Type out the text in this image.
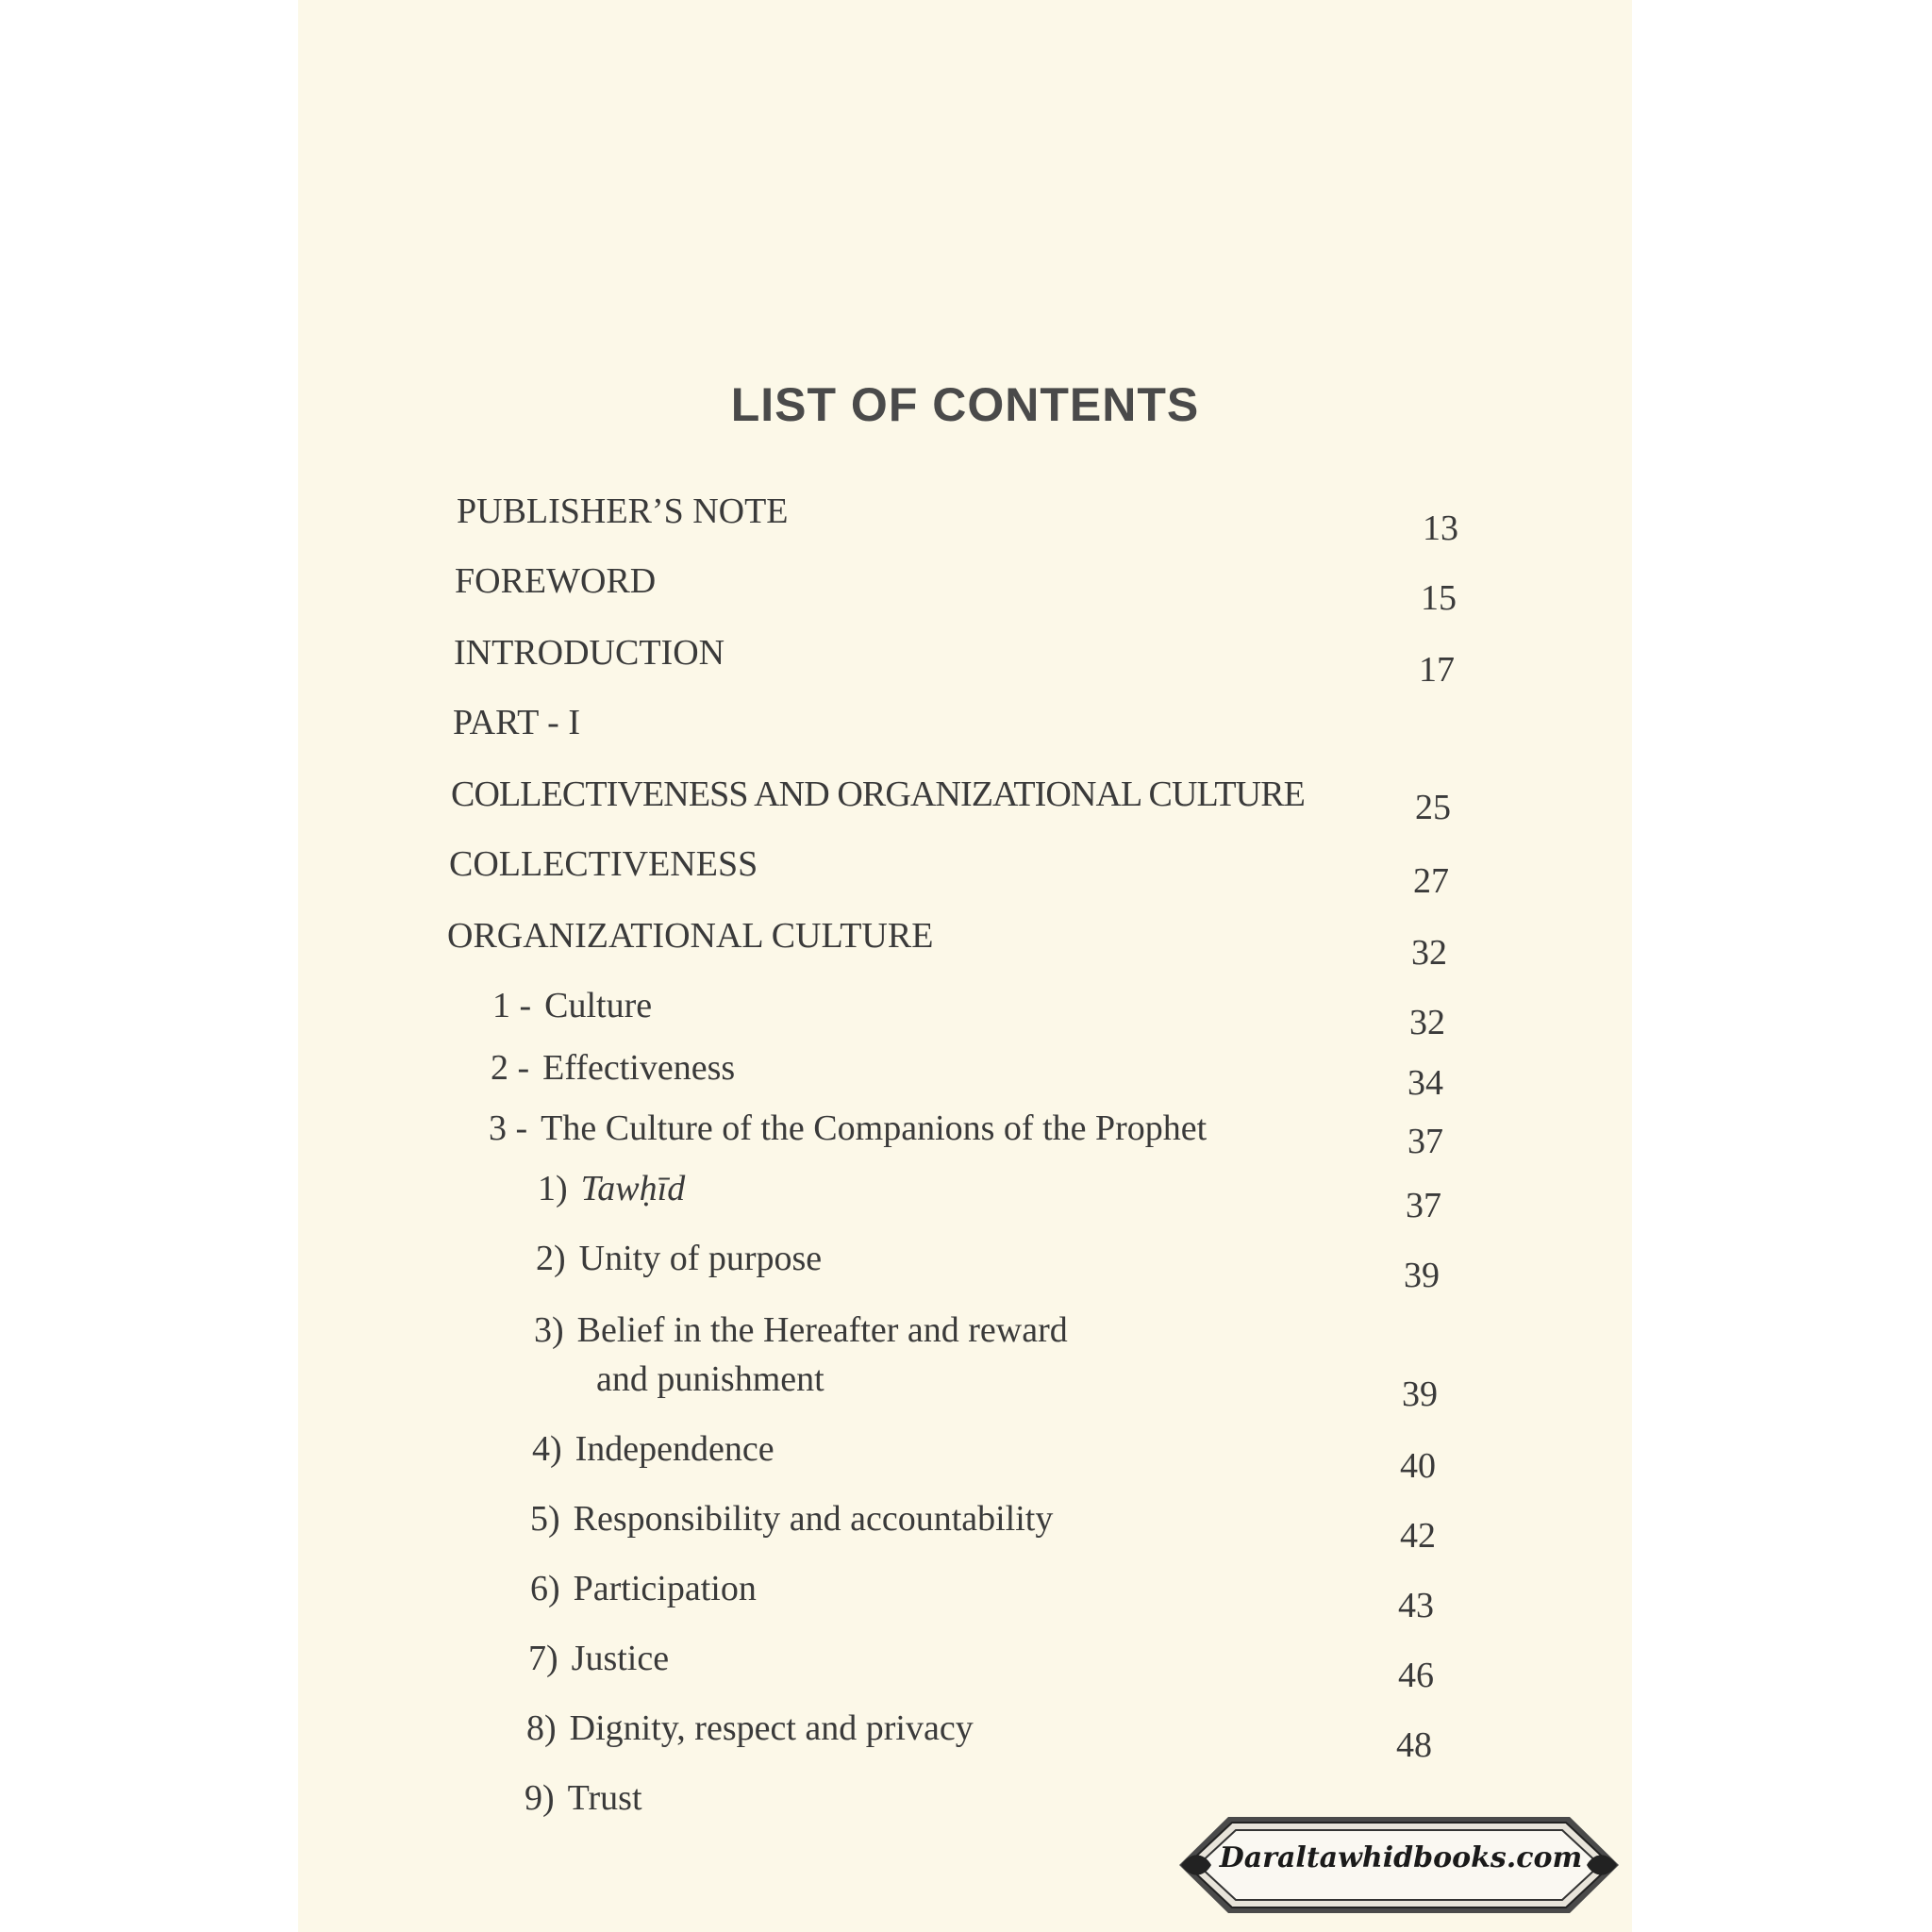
LIST OF CONTENTS
PUBLISHER’S NOTE	13
FOREWORD	15
INTRODUCTION	17
PART - I
COLLECTIVENESS AND ORGANIZATIONAL CULTURE	25
COLLECTIVENESS	27
ORGANIZATIONAL CULTURE	32
1 - Culture	32
2 - Effectiveness	34
3 - The Culture of the Companions of the Prophet	37
1) Tawḥīd	37
2) Unity of purpose	39
3) Belief in the Hereafter and reward
and punishment	39
4) Independence	40
5) Responsibility and accountability	42
6) Participation	43
7) Justice	46
8) Dignity, respect and privacy	48
9) Trust
Daraltawhidbooks.com
